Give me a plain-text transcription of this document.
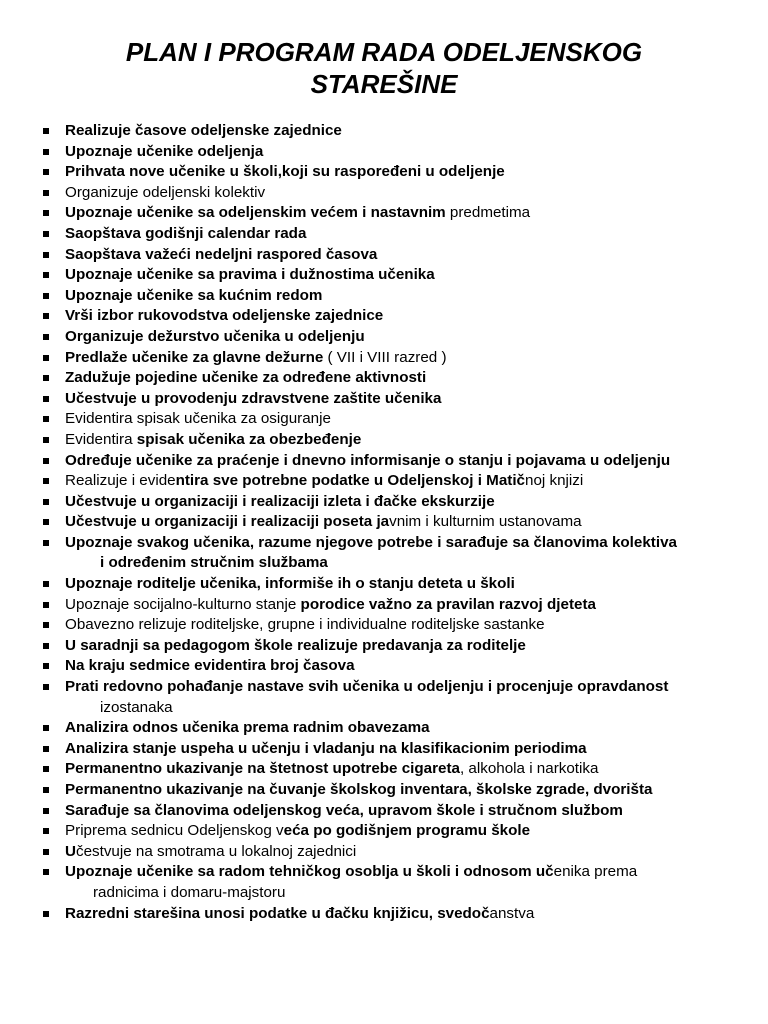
PLAN I PROGRAM RADA ODELJENSKOG
STAREŠINE
Realizuje časove odeljenske zajednice
Upoznaje učenike odeljenja
Prihvata nove učenike u školi,koji su raspoređeni u odeljenje
Organizuje odeljenski kolektiv
Upoznaje učenike sa odeljenskim većem i nastavnim predmetima
Saopštava godišnji calendar rada
Saopštava važeći nedeljni raspored časova
Upoznaje učenike sa pravima i dužnostima učenika
Upoznaje učenike sa kućnim redom
Vrši izbor rukovodstva odeljenske zajednice
Organizuje dežurstvo učenika u odeljenju
Predlaže učenike za glavne dežurne ( VII i VIII razred )
Zadužuje pojedine učenike za određene aktivnosti
Učestvuje u provodenju zdravstvene zaštite učenika
Evidentira spisak učenika za osiguranje
Evidentira spisak učenika za obezbeđenje
Određuje učenike za praćenje i dnevno informisanje o stanju i pojavama u odeljenju
Realizuje i evidentira sve potrebne podatke u Odeljenskoj i Matičnoj knjizi
Učestvuje u organizaciji i realizaciji izleta i đačke ekskurzije
Učestvuje u organizaciji i realizaciji poseta javnim i kulturnim ustanovama
Upoznaje svakog učenika, razume njegove potrebe i sarađuje sa članovima kolektiva
i određenim stručnim službama
Upoznaje roditelje učenika, informiše ih o stanju deteta u školi
Upoznaje socijalno-kulturno stanje porodice važno za pravilan razvoj djeteta
Obavezno relizuje roditeljske, grupne i individualne roditeljske sastanke
U saradnji sa pedagogom škole realizuje predavanja za roditelje
Na kraju sedmice evidentira broj časova
Prati redovno pohađanje nastave svih učenika u odeljenju i procenjuje opravdanost
izostanaka
Analizira odnos učenika prema radnim obavezama
Analizira stanje uspeha u učenju i vladanju na klasifikacionim periodima
Permanentno ukazivanje na štetnost upotrebe cigareta, alkohola i narkotika
Permanentno ukazivanje na čuvanje školskog inventara, školske zgrade, dvorišta
Sarađuje sa članovima odeljenskog veća, upravom škole i stručnom službom
Priprema sednicu Odeljenskog veća po godišnjem programu škole
Učestvuje na smotrama u lokalnoj zajednici
Upoznaje učenike sa radom tehničkog osoblja u školi i odnosom učenika prema
radnicima i domaru-majstoru
Razredni starešina unosi podatke u đačku knjižicu, svedočanstva
